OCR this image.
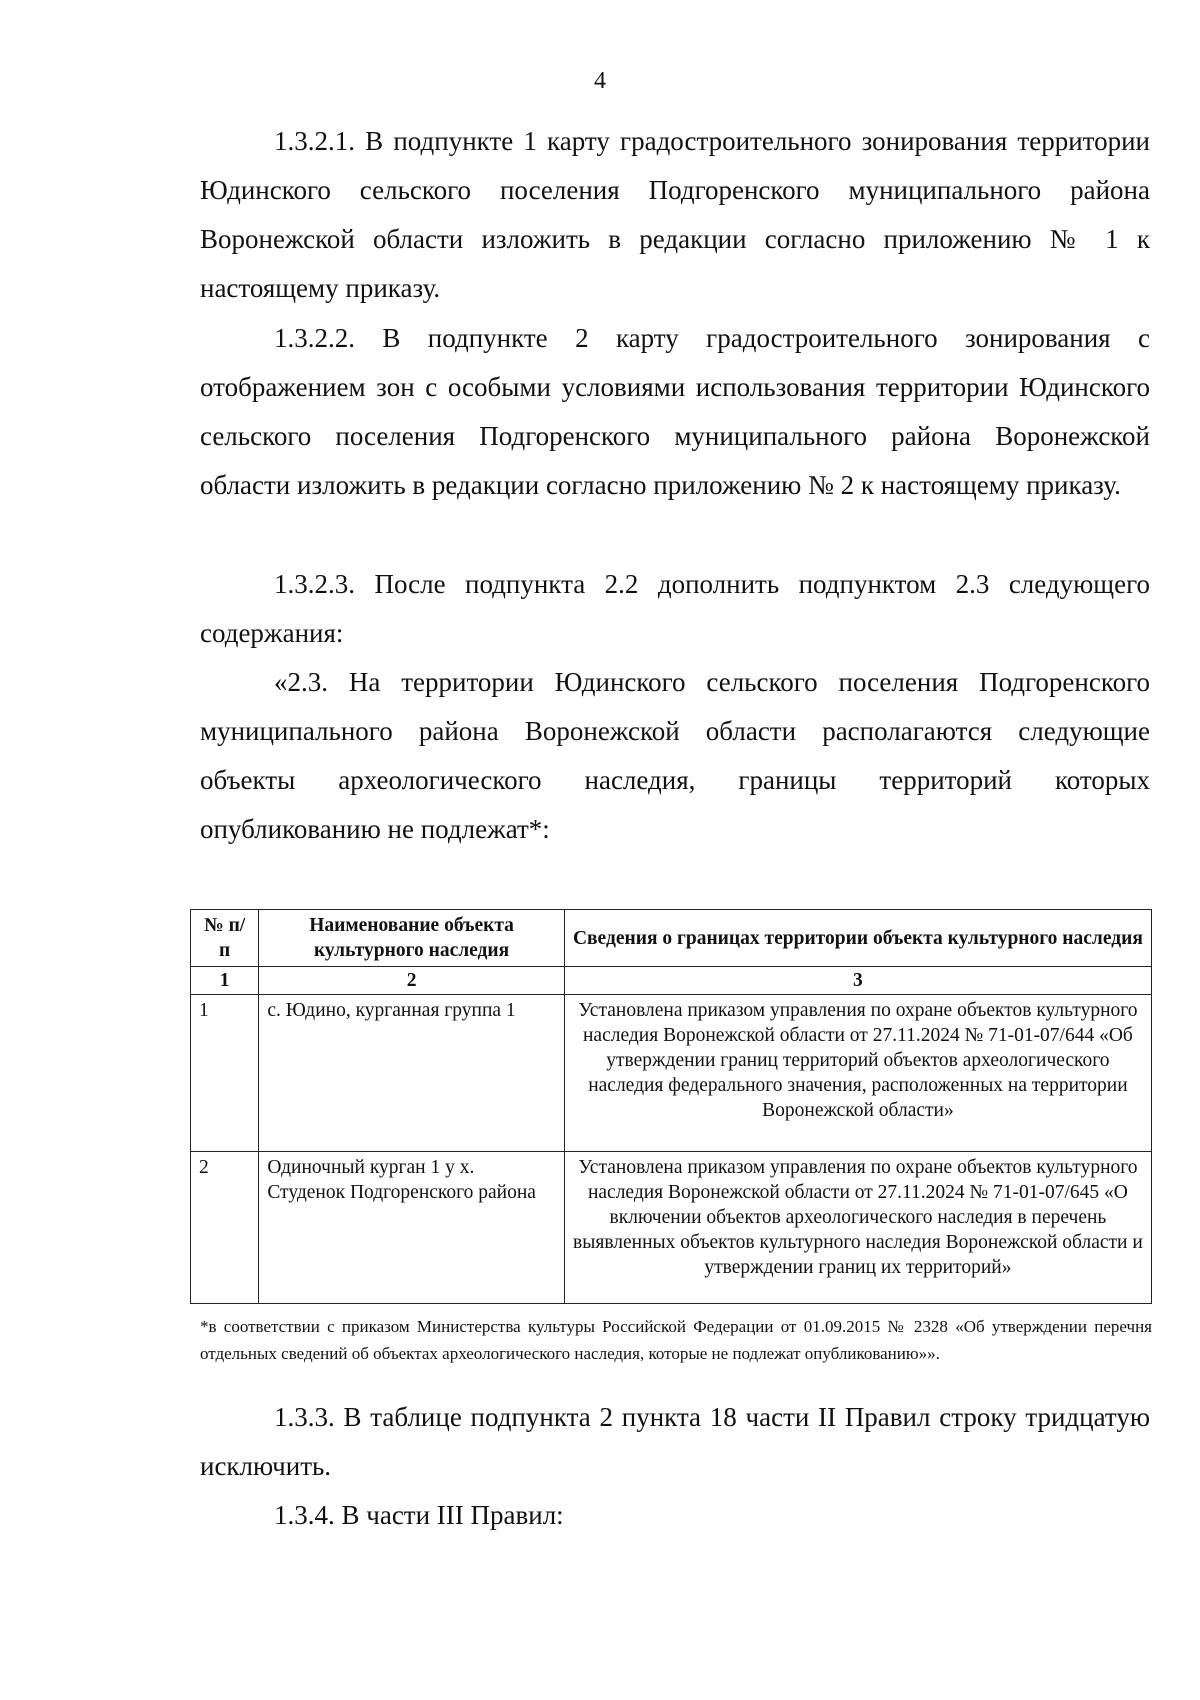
4

1.3.2.1. В подпункте 1 карту градостроительного зонирования территории Юдинского сельского поселения Подгоренского муниципального района Воронежской области изложить в редакции согласно приложению № 1 к настоящему приказу.

1.3.2.2. В подпункте 2 карту градостроительного зонирования с отображением зон с особыми условиями использования территории Юдинского сельского поселения Подгоренского муниципального района Воронежской области изложить в редакции согласно приложению № 2 к настоящему приказу.

1.3.2.3. После подпункта 2.2 дополнить подпунктом 2.3 следующего содержания:

«2.3. На территории Юдинского сельского поселения Подгоренского муниципального района Воронежской области располагаются следующие объекты археологического наследия, границы территорий которых опубликованию не подлежат*:

1.3.3. В таблице подпункта 2 пункта 18 части II Правил строку тридцатую исключить.

1.3.4. В части III Правил:

№ п/п	Наименование объекта культурного наследия	Сведения о границах территории объекта культурного наследия
1	2	3
1	с. Юдино, курганная группа 1	Установлена приказом управления по охране объектов культурного наследия Воронежской области от 27.11.2024 № 71-01-07/644 «Об утверждении границ территорий объектов археологического наследия федерального значения, расположенных на территории Воронежской области»
2	Одиночный курган 1 у х. Студенок Подгоренского района	Установлена приказом управления по охране объектов культурного наследия Воронежской области от 27.11.2024 № 71-01-07/645 «О включении объектов археологического наследия в перечень выявленных объектов культурного наследия Воронежской области и утверждении границ их территорий»

*в соответствии с приказом Министерства культуры Российской Федерации от 01.09.2015 № 2328 «Об утверждении перечня отдельных сведений об объектах археологического наследия, которые не подлежат опубликованию»».
